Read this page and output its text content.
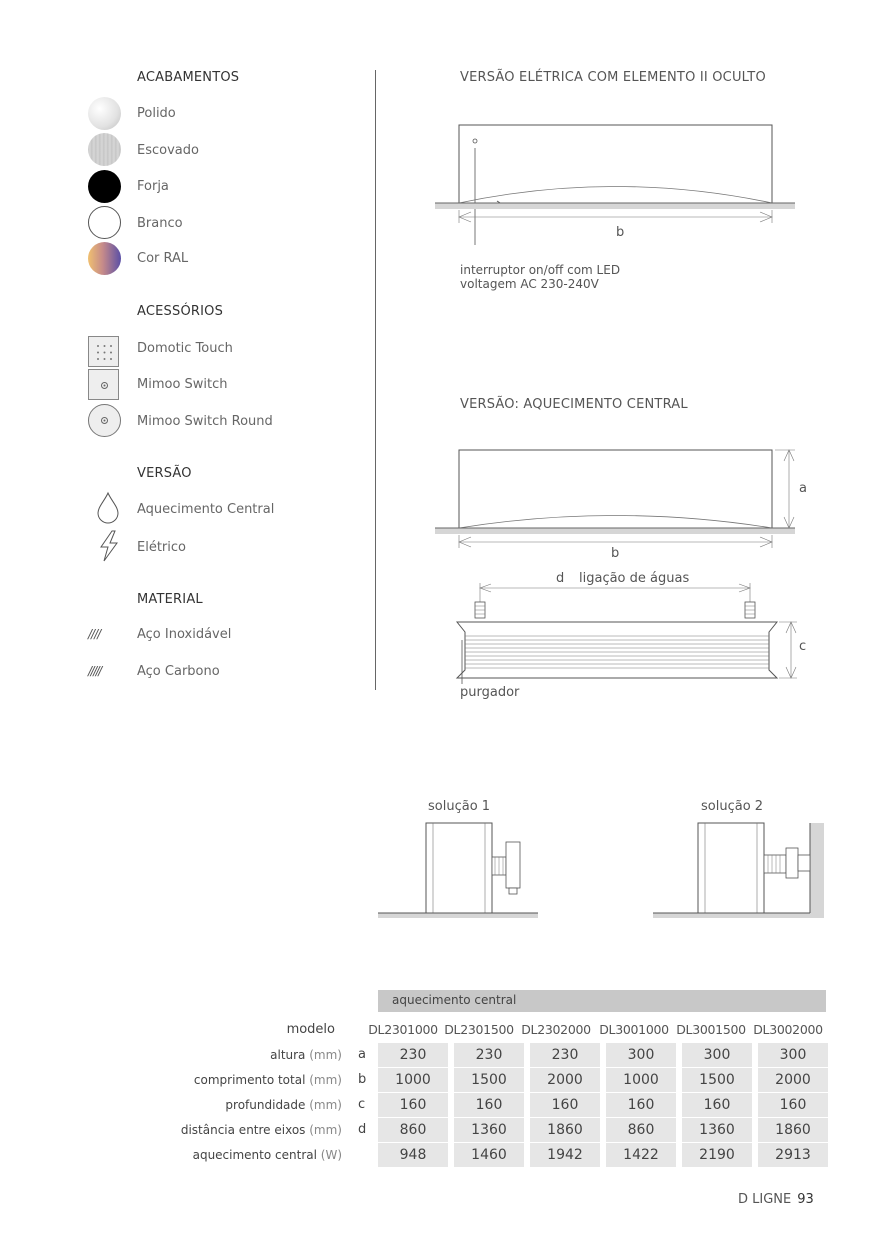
ACABAMENTOS
Polido
Escovado
Forja
Branco
Cor RAL
ACESSÓRIOS
Domotic Touch
Mimoo Switch
Mimoo Switch Round
VERSÃO
Aquecimento Central
Elétrico
MATERIAL
////	Aço Inoxidável
/////	Aço Carbono
VERSÃO ELÉTRICA COM ELEMENTO II OCULTO
b
interruptor on/off com LED
voltagem AC 230-240V
VERSÃO: AQUECIMENTO CENTRAL
a
b
d ligação de águas
c
purgador
solução 1	solução 2
aquecimento central
modelo	DL2301000 DL2301500 DL2302000 DL3001000 DL3001500 DL3002000
altura (mm) a	230	230	230	300	300	300
comprimento total (mm) b	1000	1500	2000	1000	1500	2000
profundidade (mm) c	160	160	160	160	160	160
distância entre eixos (mm) d	860	1360	1860	860	1360	1860
aquecimento central (W)	948	1460	1942	1422	2190	2913
D LIGNE 93
